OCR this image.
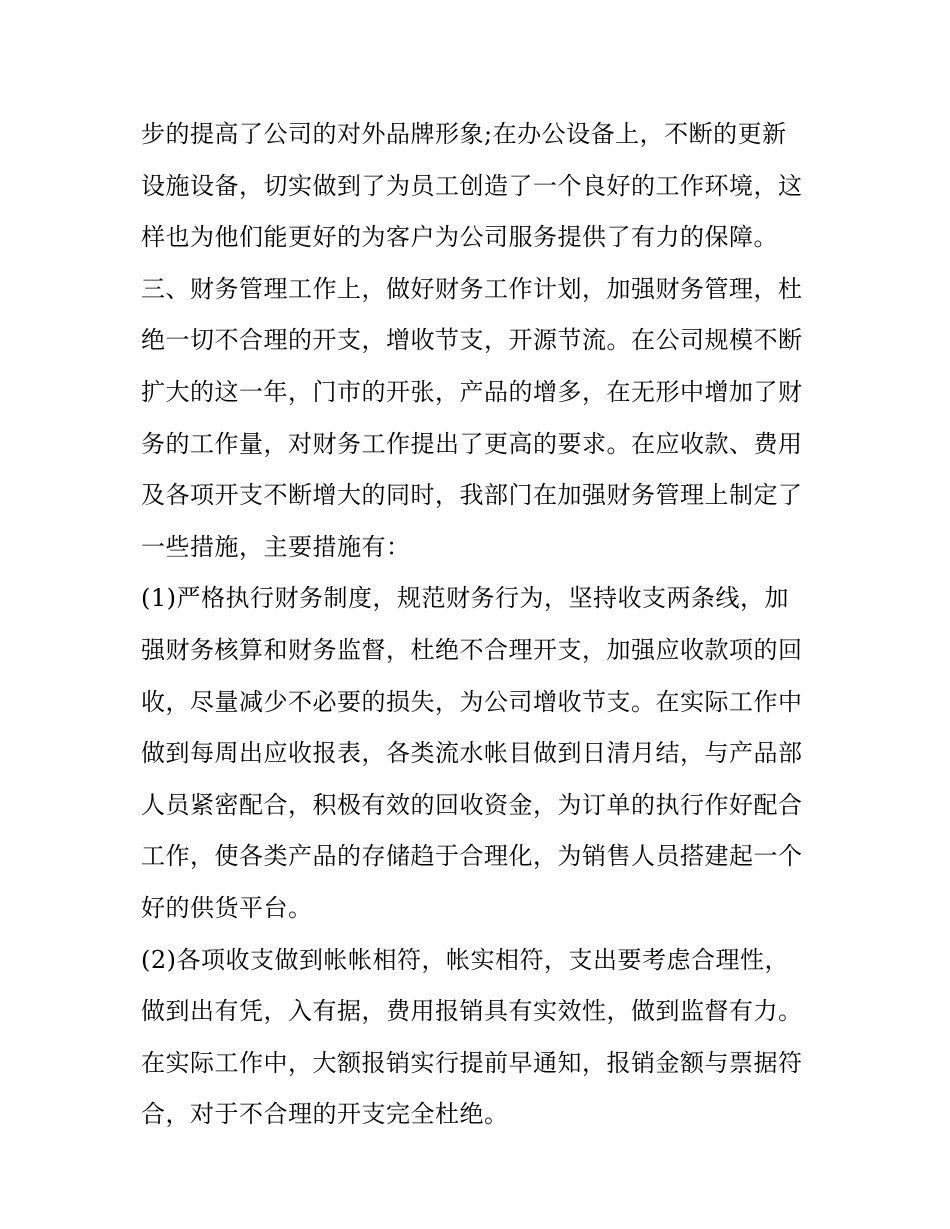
步的提高了公司的对外品牌形象;在办公设备上，不断的更新
设施设备，切实做到了为员工创造了一个良好的工作环境，这
样也为他们能更好的为客户为公司服务提供了有力的保障。
三、财务管理工作上，做好财务工作计划，加强财务管理，杜
绝一切不合理的开支，增收节支，开源节流。在公司规模不断
扩大的这一年，门市的开张，产品的增多，在无形中增加了财
务的工作量，对财务工作提出了更高的要求。在应收款、费用
及各项开支不断增大的同时，我部门在加强财务管理上制定了
一些措施，主要措施有：
(1)严格执行财务制度，规范财务行为，坚持收支两条线，加
强财务核算和财务监督，杜绝不合理开支，加强应收款项的回
收，尽量减少不必要的损失，为公司增收节支。在实际工作中
做到每周出应收报表，各类流水帐目做到日清月结，与产品部
人员紧密配合，积极有效的回收资金，为订单的执行作好配合
工作，使各类产品的存储趋于合理化，为销售人员搭建起一个
好的供货平台。
(2)各项收支做到帐帐相符，帐实相符，支出要考虑合理性，
做到出有凭，入有据，费用报销具有实效性，做到监督有力。
在实际工作中，大额报销实行提前早通知，报销金额与票据符
合，对于不合理的开支完全杜绝。
